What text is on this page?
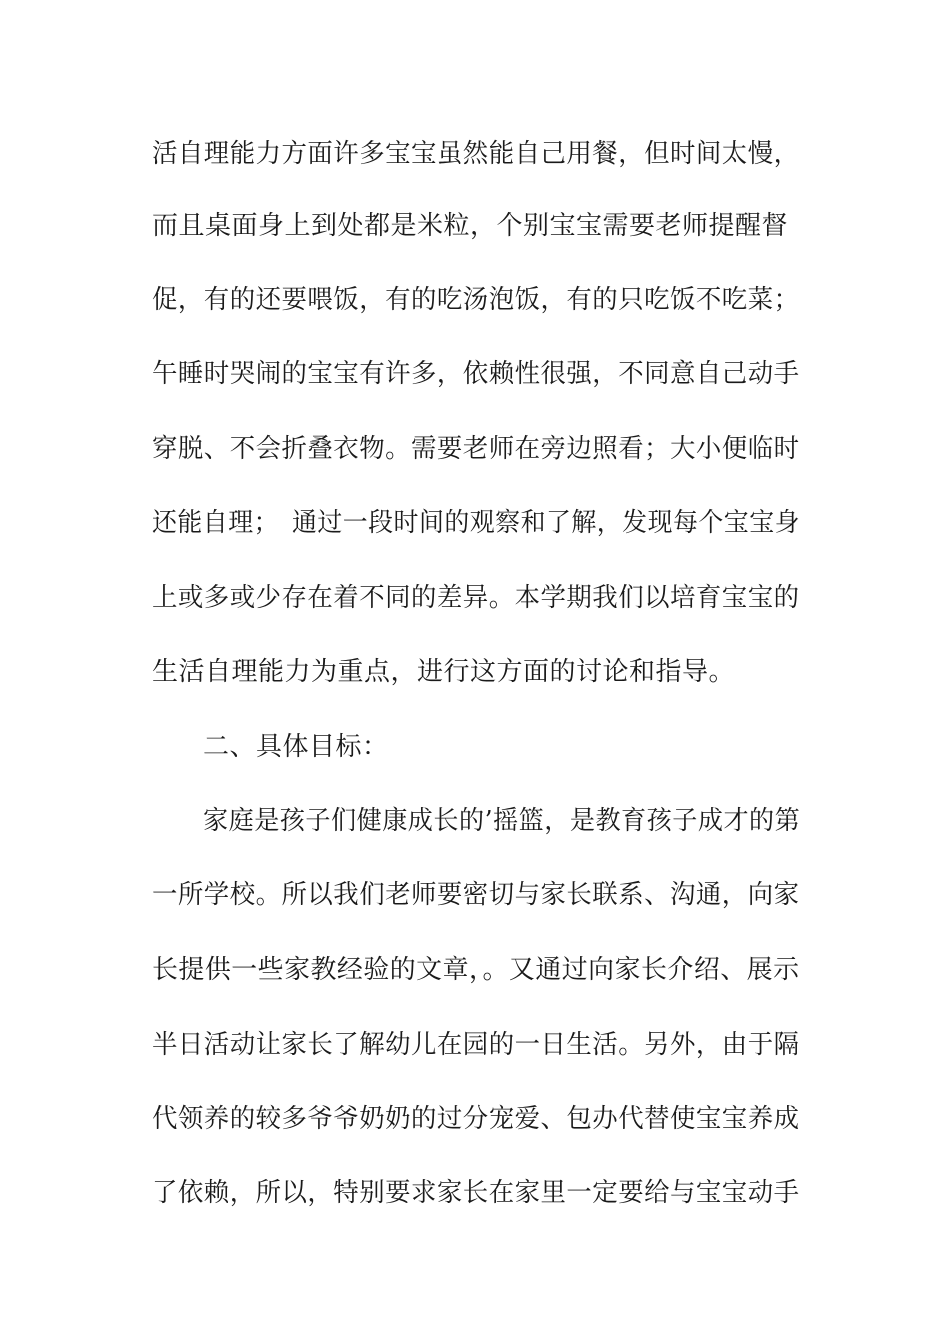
活自理能力方面许多宝宝虽然能自己用餐，但时间太慢，
而且桌面身上到处都是米粒，个别宝宝需要老师提醒督
促，有的还要喂饭，有的吃汤泡饭，有的只吃饭不吃菜；
午睡时哭闹的宝宝有许多，依赖性很强，不同意自己动手
穿脱、不会折叠衣物。需要老师在旁边照看；大小便临时
还能自理；　通过一段时间的观察和了解，发现每个宝宝身
上或多或少存在着不同的差异。本学期我们以培育宝宝的
生活自理能力为重点，进行这方面的讨论和指导。
二、具体目标：
家庭是孩子们健康成长的’摇篮，是教育孩子成才的第
一所学校。所以我们老师要密切与家长联系、沟通，向家
长提供一些家教经验的文章，。又通过向家长介绍、展示
半日活动让家长了解幼儿在园的一日生活。另外，由于隔
代领养的较多爷爷奶奶的过分宠爱、包办代替使宝宝养成
了依赖，所以，特别要求家长在家里一定要给与宝宝动手
